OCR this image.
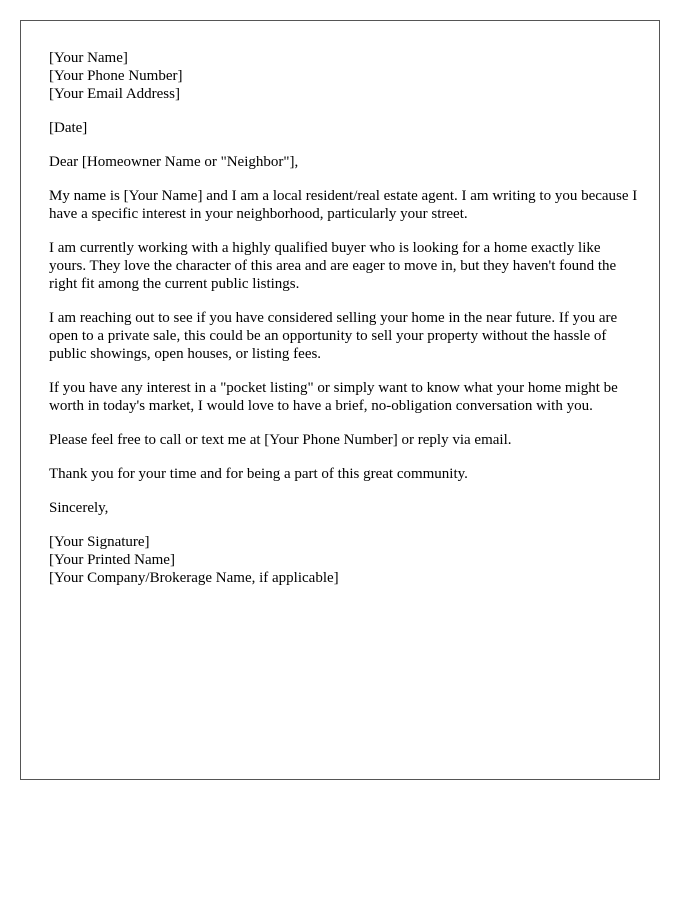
[Your Name]
[Your Phone Number]
[Your Email Address]

[Date]

Dear [Homeowner Name or "Neighbor"],

My name is [Your Name] and I am a local resident/real estate agent. I am writing to you because I have a specific interest in your neighborhood, particularly your street.

I am currently working with a highly qualified buyer who is looking for a home exactly like yours. They love the character of this area and are eager to move in, but they haven't found the right fit among the current public listings.

I am reaching out to see if you have considered selling your home in the near future. If you are open to a private sale, this could be an opportunity to sell your property without the hassle of public showings, open houses, or listing fees.

If you have any interest in a "pocket listing" or simply want to know what your home might be worth in today's market, I would love to have a brief, no-obligation conversation with you.

Please feel free to call or text me at [Your Phone Number] or reply via email.

Thank you for your time and for being a part of this great community.

Sincerely,

[Your Signature]
[Your Printed Name]
[Your Company/Brokerage Name, if applicable]
